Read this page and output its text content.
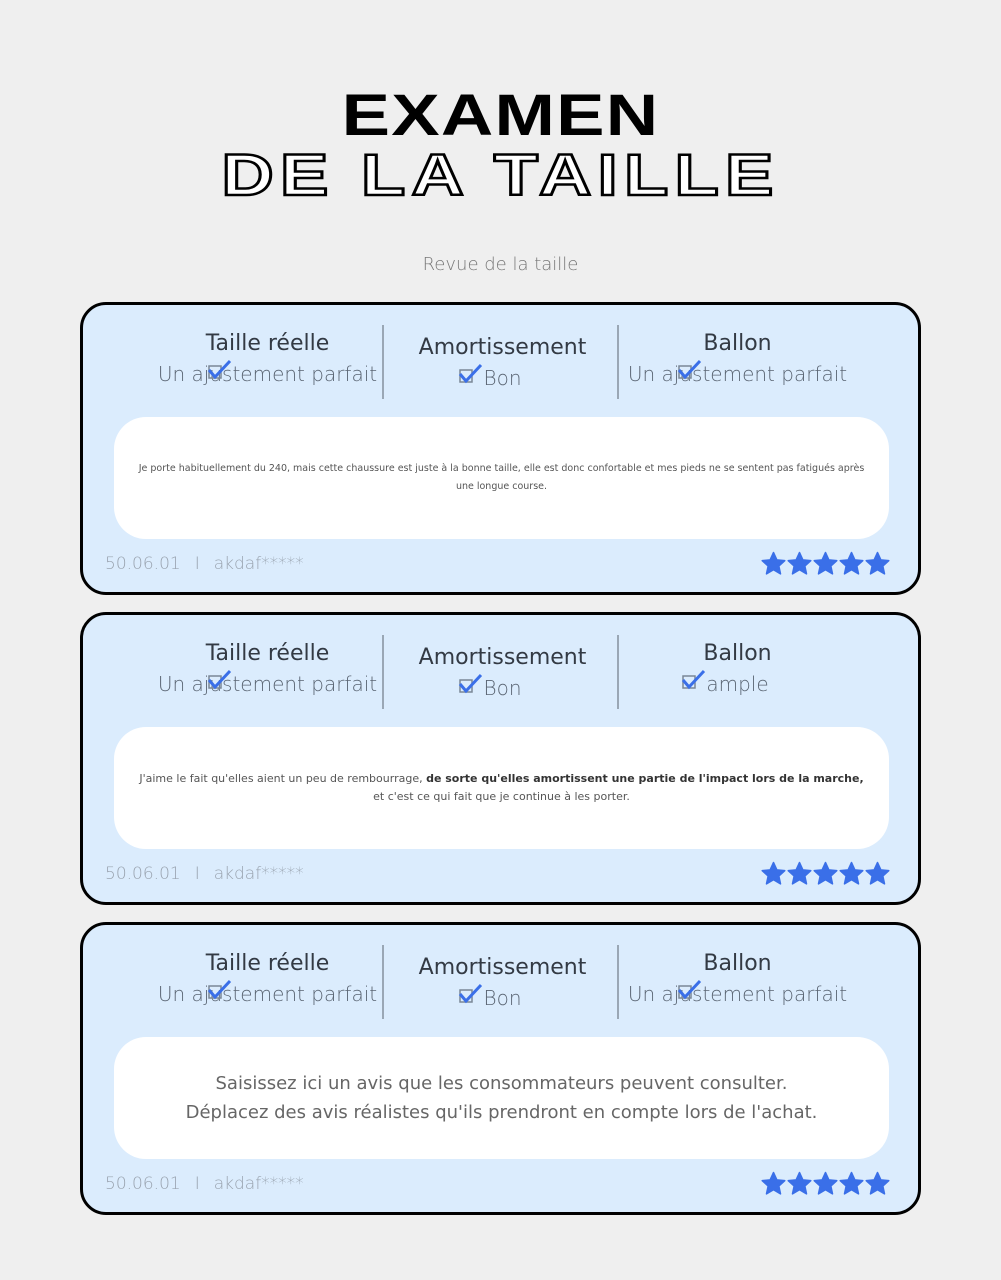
EXAMEN
DE LA TAILLE
Revue de la taille
Taille réelle
Un ajustement parfait
Amortissement
Bon
Ballon
Un ajustement parfait
Je porte habituellement du 240, mais cette chaussure est juste à la bonne taille, elle est donc confortable et mes pieds ne se sentent pas fatigués après une longue course.
50.06.01 I akdaf*****
Taille réelle
Un ajustement parfait
Amortissement
Bon
Ballon
ample
J'aime le fait qu'elles aient un peu de rembourrage, de sorte qu'elles amortissent une partie de l'impact lors de la marche,
et c'est ce qui fait que je continue à les porter.
50.06.01 I akdaf*****
Taille réelle
Un ajustement parfait
Amortissement
Bon
Ballon
Un ajustement parfait
Saisissez ici un avis que les consommateurs peuvent consulter.
Déplacez des avis réalistes qu'ils prendront en compte lors de l'achat.
50.06.01 I akdaf*****
